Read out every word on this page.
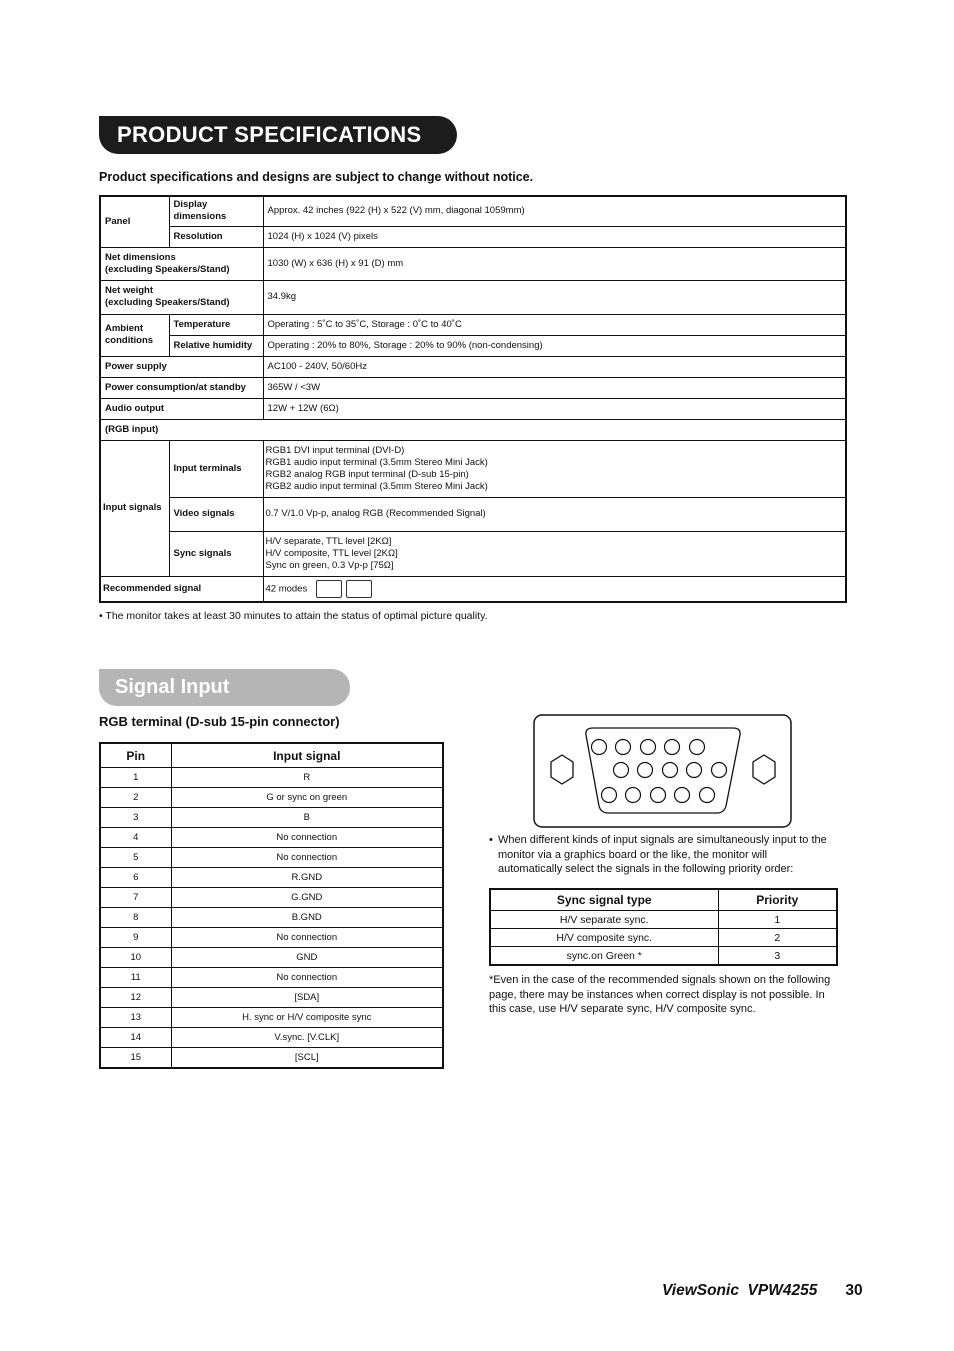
PRODUCT SPECIFICATIONS
Product specifications and designs are subject to change without notice.
Panel	Display dimensions	Approx. 42 inches (922 (H) x 522 (V) mm, diagonal 1059mm)
	Resolution	1024 (H) x 1024 (V) pixels

Net dimensions
(excluding Speakers/Stand)		1030 (W) x 636 (H) x 91 (D) mm

Net weight
(excluding Speakers/Stand)		34.9kg

Ambient
conditions	Temperature	Operating : 5˚C to 35˚C, Storage : 0˚C to 40˚C
	Relative humidity	Operating : 20% to 80%, Storage : 20% to 90% (non-condensing)
Power supply		AC100 - 240V, 50/60Hz
Power consumption/at standby		365W / <3W
Audio output		12W + 12W (6Ω)
(RGB input)		
Input signals	Input terminals	RGB1 DVI input terminal (DVI-D)
RGB1 audio input terminal (3.5mm Stereo Mini Jack)
RGB2 analog RGB input terminal (D-sub 15-pin)
RGB2 audio input terminal (3.5mm Stereo Mini Jack)

	Video signals	0.7 V/1.0 Vp-p, analog RGB (Recommended Signal)
	Sync signals	H/V separate, TTL level [2KΩ]
H/V composite, TTL level [2KΩ]
Sync on green, 0.3 Vp-p [75Ω]

Recommended signal		42 modes
• The monitor takes at least 30 minutes to attain the status of optimal picture quality.
Signal Input
RGB terminal (D-sub 15-pin connector)
Pin	Input signal
1	R
2	G or sync on green
3	B
4	No connection
5	No connection
6	R.GND
7	G.GND
8	B.GND
9	No connection
10	GND
11	No connection
12	[SDA]
13	H. sync or H/V composite sync
14	V.sync. [V.CLK]
15	[SCL]
• When different kinds of input signals are simultaneously input to the monitor via a graphics board or the like, the monitor will automatically select the signals in the following priority order:
Sync signal type	Priority
H/V separate sync.	1
H/V composite sync.	2
sync.on Green *	3
*Even in the case of the recommended signals shown on the following page, there may be instances when correct display is not possible. In this case, use H/V separate sync, H/V composite sync.
ViewSonic  VPW4255 30
